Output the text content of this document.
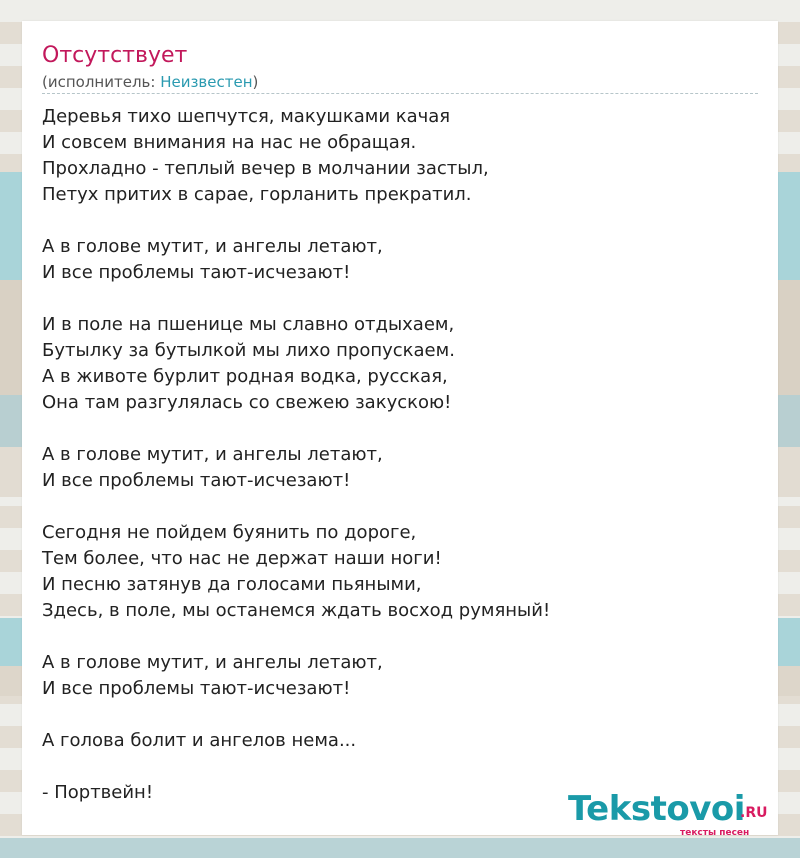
Отсутствует
(исполнитель: Неизвестен)
Деревья тихо шепчутся, макушками качая
И совсем внимания на нас не обращая.
Прохладно - теплый вечер в молчании застыл,
Петух притих в сарае, горланить прекратил.
А в голове мутит, и ангелы летают,
И все проблемы тают-исчезают!
И в поле на пшенице мы славно отдыхаем,
Бутылку за бутылкой мы лихо пропускаем.
А в животе бурлит родная водка, русская,
Она там разгулялась со свежею закускою!
А в голове мутит, и ангелы летают,
И все проблемы тают-исчезают!
Сегодня не пойдем буянить по дороге,
Тем более, что нас не держат наши ноги!
И песню затянув да голосами пьяными,
Здесь, в поле, мы останемся ждать восход румяный!
А в голове мутит, и ангелы летают,
И все проблемы тают-исчезают!
А голова болит и ангелов нема...
- Портвейн!	Tekstovoi
.RU
тексты песен
